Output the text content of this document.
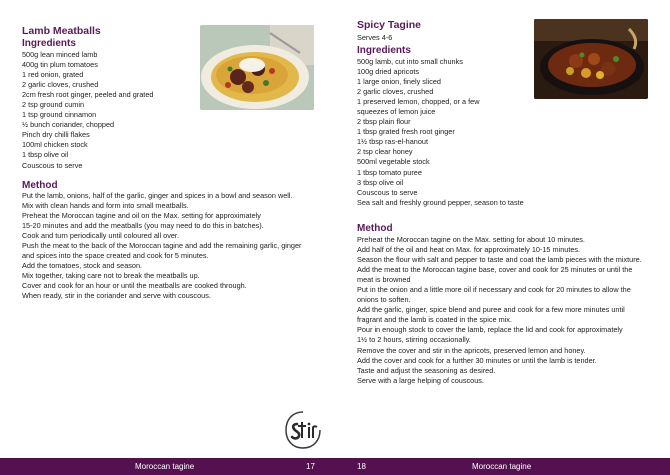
Lamb Meatballs
Ingredients
500g lean minced lamb
400g tin plum tomatoes
1 red onion, grated
2 garlic cloves, crushed
2cm fresh root ginger, peeled and grated
2 tsp ground cumin
1 tsp ground cinnamon
½ bunch coriander, chopped
Pinch dry chilli flakes
100ml chicken stock
1 tbsp olive oil
Couscous to serve
Method
Put the lamb, onions, half of the garlic, ginger and spices in a bowl and season well.
Mix with clean hands and form into small meatballs.
Preheat the Moroccan tagine and oil on the Max. setting for approximately
15-20 minutes and add the meatballs (you may need to do this in batches).
Cook and turn periodically until coloured all over.
Push the meat to the back of the Moroccan tagine and add the remaining garlic, ginger
and spices into the space created and cook for 5 minutes.
Add the tomatoes, stock and season.
Mix together, taking care not to break the meatballs up.
Cover and cook for an hour or until the meatballs are cooked through.
When ready, stir in the coriander and serve with couscous.
Spicy Tagine
Serves 4-6
Ingredients
500g lamb, cut into small chunks
100g dried apricots
1 large onion, finely sliced
2 garlic cloves, crushed
1 preserved lemon, chopped, or a few
squeezes of lemon juice
2 tbsp plain flour
1 tbsp grated fresh root ginger
1½ tbsp ras-el-hanout
2 tsp clear honey
500ml vegetable stock
1 tbsp tomato puree
3 tbsp olive oil
Couscous to serve
Sea salt and freshly ground pepper, season to taste
Method
Preheat the Moroccan tagine on the Max. setting for about 10 minutes.
Add half of the oil and heat on Max. for approximately 10-15 minutes.
Season the flour with salt and pepper to taste and coat the lamb pieces with the mixture.
Add the meat to the Moroccan tagine base, cover and cook for 25 minutes or until the
meat is browned
Put in the onion and a little more oil if necessary and cook for 20 minutes to allow the
onions to soften.
Add the garlic, ginger, spice blend and puree and cook for a few more minutes until
fragrant and the lamb is coated in the spice mix.
Pour in enough stock to cover the lamb, replace the lid and cook for approximately
1½ to 2 hours, stirring occasionally.
Remove the cover and stir in the apricots, preserved lemon and honey.
Add the cover and cook for a further 30 minutes or until the lamb is tender.
Taste and adjust the seasoning as desired.
Serve with a large helping of couscous.
Moroccan tagine	17	18	Moroccan tagine
